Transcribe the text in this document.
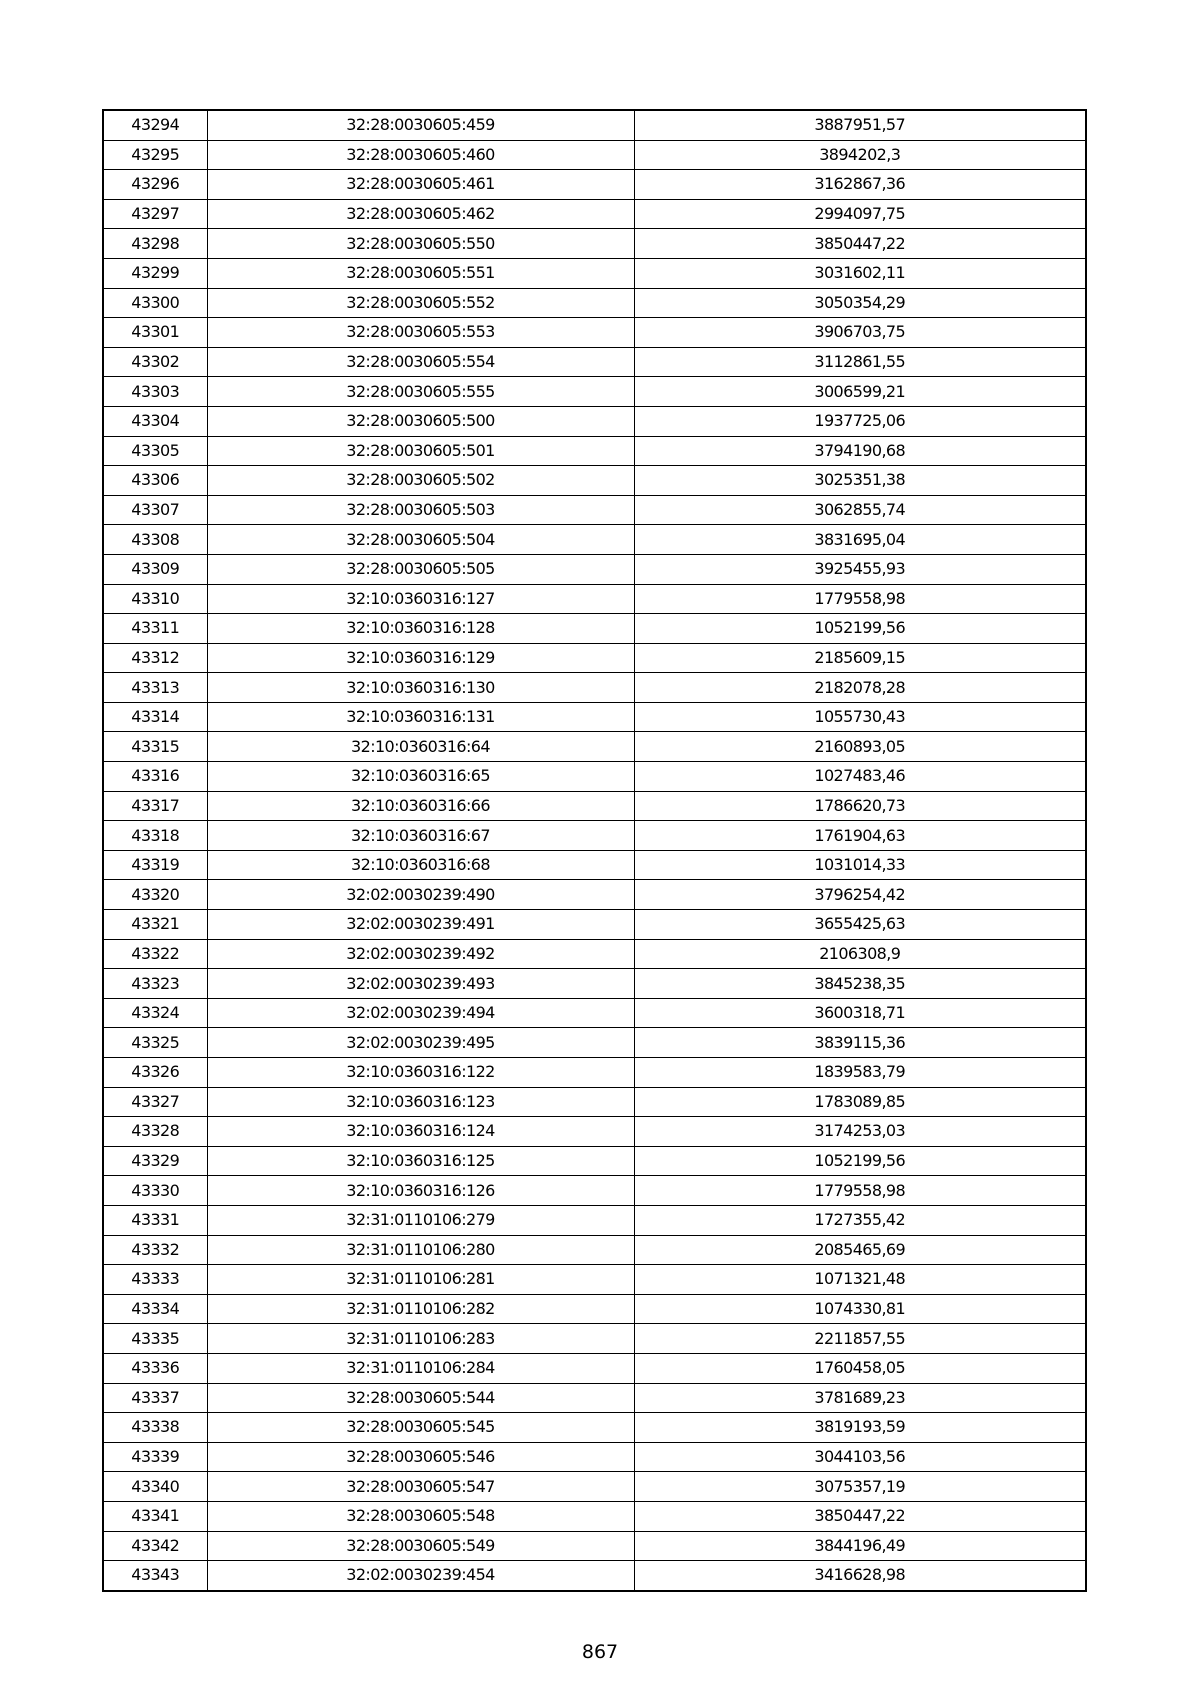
43294	32:28:0030605:459	3887951,57
43295	32:28:0030605:460	3894202,3
43296	32:28:0030605:461	3162867,36
43297	32:28:0030605:462	2994097,75
43298	32:28:0030605:550	3850447,22
43299	32:28:0030605:551	3031602,11
43300	32:28:0030605:552	3050354,29
43301	32:28:0030605:553	3906703,75
43302	32:28:0030605:554	3112861,55
43303	32:28:0030605:555	3006599,21
43304	32:28:0030605:500	1937725,06
43305	32:28:0030605:501	3794190,68
43306	32:28:0030605:502	3025351,38
43307	32:28:0030605:503	3062855,74
43308	32:28:0030605:504	3831695,04
43309	32:28:0030605:505	3925455,93
43310	32:10:0360316:127	1779558,98
43311	32:10:0360316:128	1052199,56
43312	32:10:0360316:129	2185609,15
43313	32:10:0360316:130	2182078,28
43314	32:10:0360316:131	1055730,43
43315	32:10:0360316:64	2160893,05
43316	32:10:0360316:65	1027483,46
43317	32:10:0360316:66	1786620,73
43318	32:10:0360316:67	1761904,63
43319	32:10:0360316:68	1031014,33
43320	32:02:0030239:490	3796254,42
43321	32:02:0030239:491	3655425,63
43322	32:02:0030239:492	2106308,9
43323	32:02:0030239:493	3845238,35
43324	32:02:0030239:494	3600318,71
43325	32:02:0030239:495	3839115,36
43326	32:10:0360316:122	1839583,79
43327	32:10:0360316:123	1783089,85
43328	32:10:0360316:124	3174253,03
43329	32:10:0360316:125	1052199,56
43330	32:10:0360316:126	1779558,98
43331	32:31:0110106:279	1727355,42
43332	32:31:0110106:280	2085465,69
43333	32:31:0110106:281	1071321,48
43334	32:31:0110106:282	1074330,81
43335	32:31:0110106:283	2211857,55
43336	32:31:0110106:284	1760458,05
43337	32:28:0030605:544	3781689,23
43338	32:28:0030605:545	3819193,59
43339	32:28:0030605:546	3044103,56
43340	32:28:0030605:547	3075357,19
43341	32:28:0030605:548	3850447,22
43342	32:28:0030605:549	3844196,49
43343	32:02:0030239:454	3416628,98
867
